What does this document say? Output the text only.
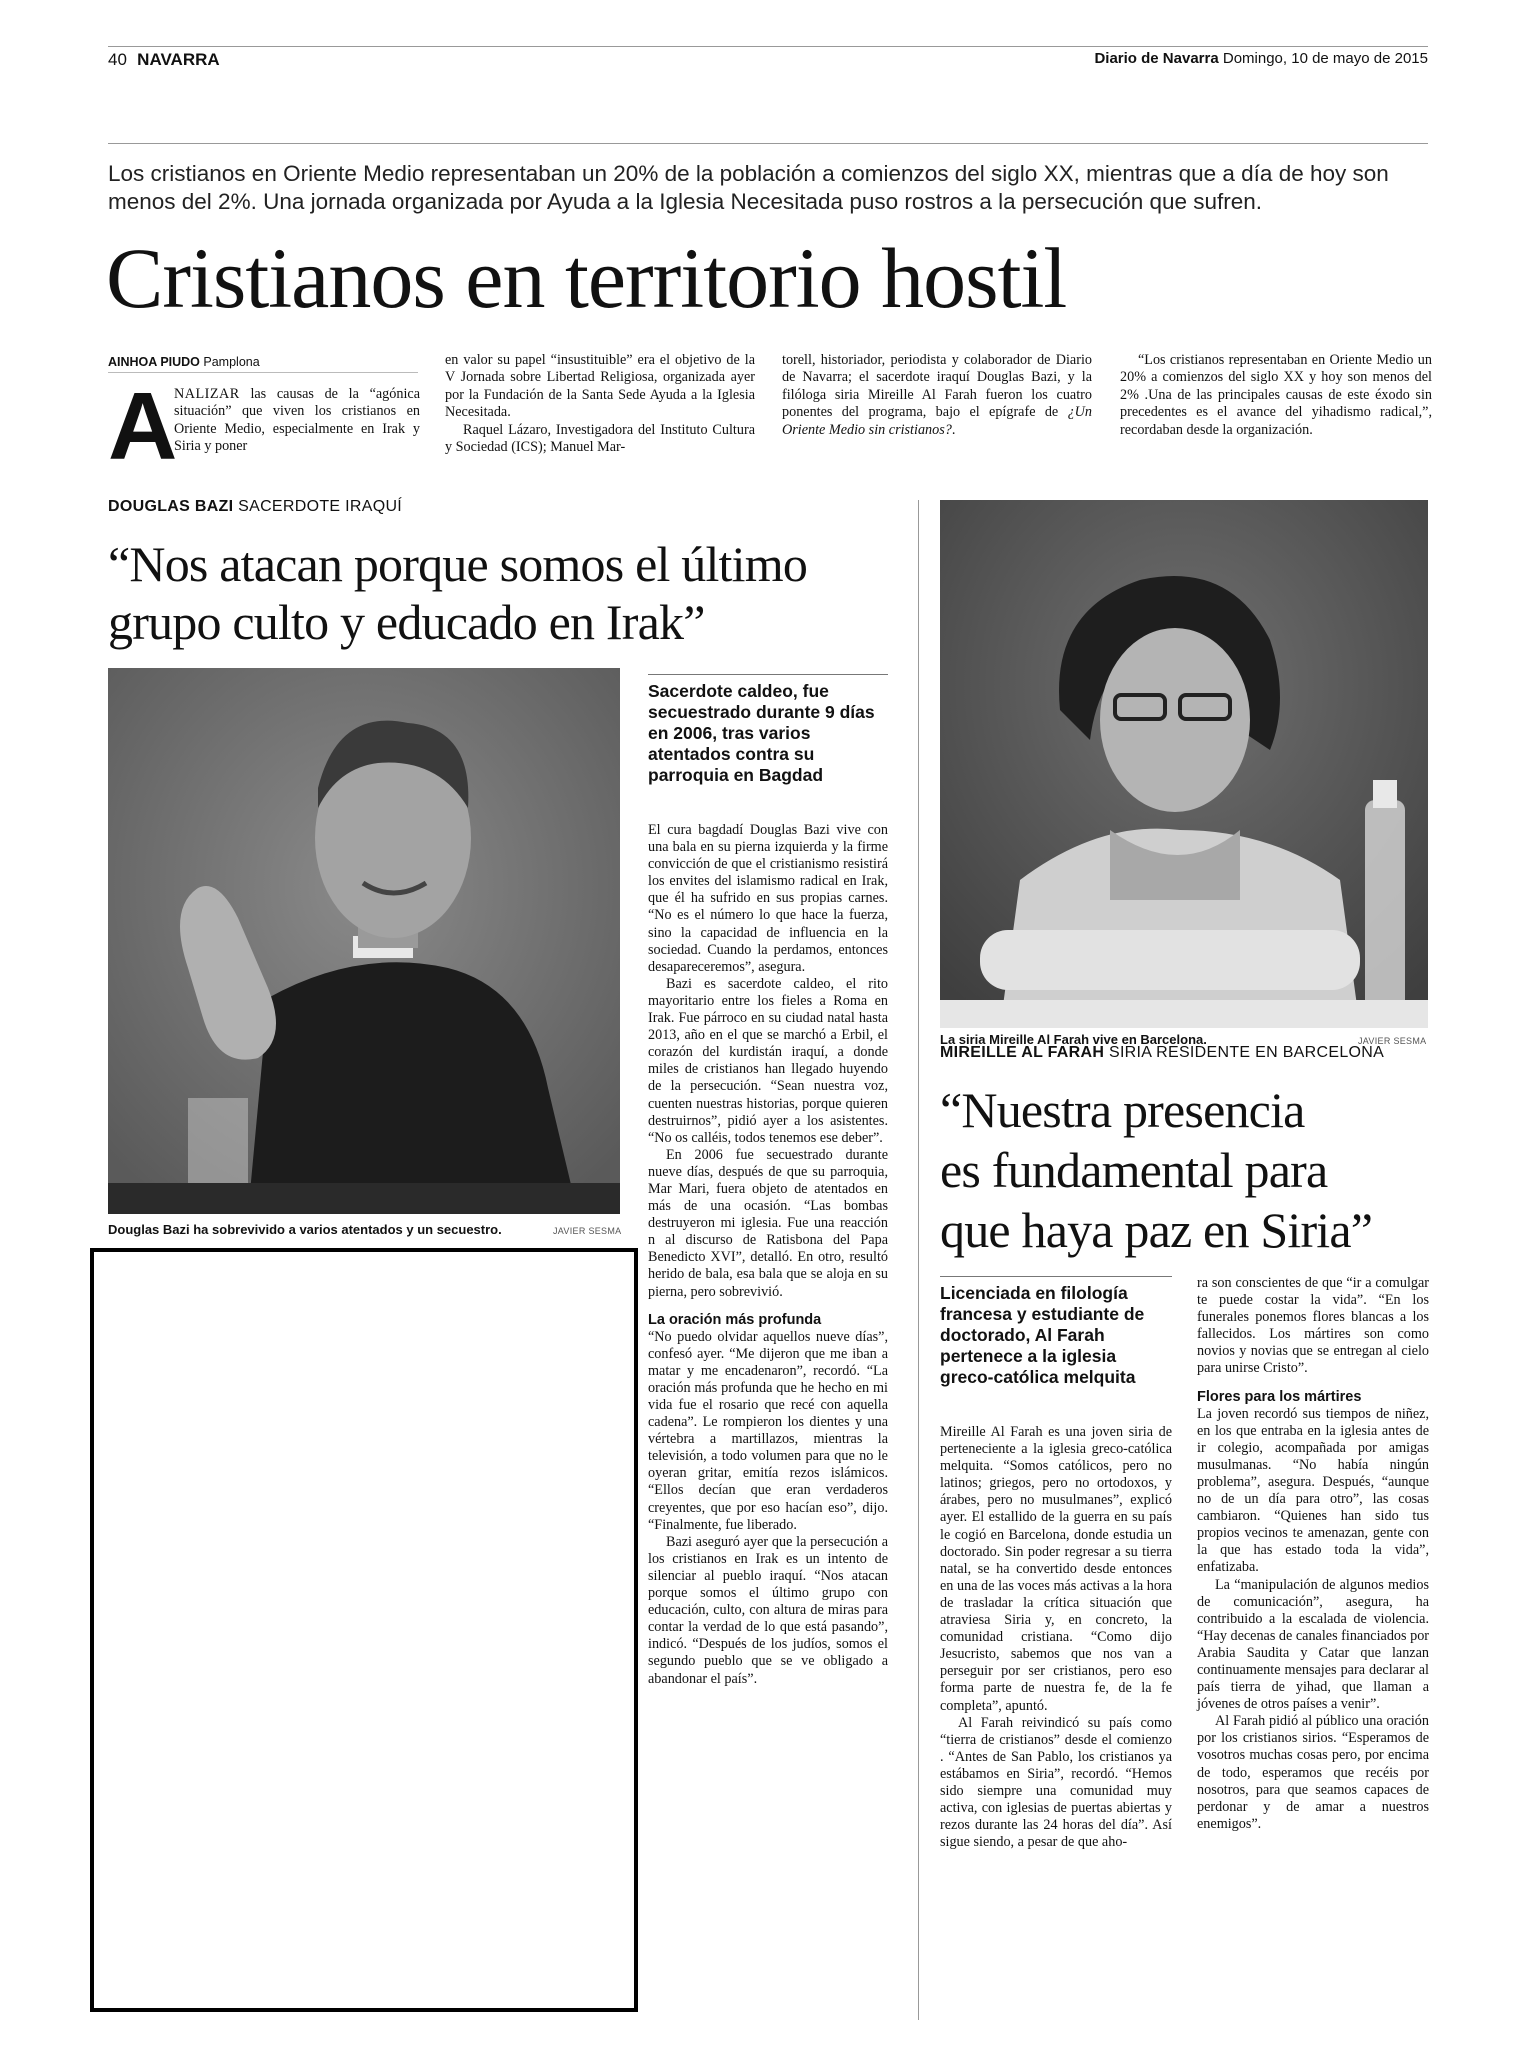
40 NAVARRA	Diario de Navarra Domingo, 10 de mayo de 2015
Los cristianos en Oriente Medio representaban un 20% de la población a comienzos del siglo XX, mientras que a día de hoy son menos del 2%. Una jornada organizada por Ayuda a la Iglesia Necesitada puso rostros a la persecución que sufren.
Cristianos en territorio hostil
AINHOA PIUDO Pamplona
A
NALIZAR las causas de la “agónica situación” que viven los cristianos en Oriente Medio, especialmente en Irak y Siria y poner

en valor su papel “insustituible” era el objetivo de la V Jornada sobre Libertad Religiosa, organizada ayer por la Fundación de la Santa Sede Ayuda a la Iglesia Necesitada.

Raquel Lázaro, Investigadora del Instituto Cultura y Sociedad (ICS); Manuel Mar-

torell, historiador, periodista y colaborador de Diario de Navarra; el sacerdote iraquí Douglas Bazi, y la filóloga siria Mireille Al Farah fueron los cuatro ponentes del programa, bajo el epígrafe de ¿Un Oriente Medio sin cristianos?.

“Los cristianos representaban en Oriente Medio un 20% a comienzos del siglo XX y hoy son menos del 2% .Una de las principales causas de este éxodo sin precedentes es el avance del yihadismo radical,”, recordaban desde la organización.

DOUGLAS BAZI SACERDOTE IRAQUÍ
“Nos atacan porque somos el último
grupo culto y educado en Irak”
Douglas Bazi ha sobrevivido a varios atentados y un secuestro.	JAVIER SESMA
Sacerdote caldeo, fue secuestrado durante 9 días en 2006, tras varios atentados contra su parroquia en Bagdad

El cura bagdadí Douglas Bazi vive con una bala en su pierna izquierda y la firme convicción de que el cristianismo resistirá los envites del islamismo radical en Irak, que él ha sufrido en sus propias carnes. “No es el número lo que hace la fuerza, sino la capacidad de influencia en la sociedad. Cuando la perdamos, entonces desapareceremos”, asegura.

Bazi es sacerdote caldeo, el rito mayoritario entre los fieles a Roma en Irak. Fue párroco en su ciudad natal hasta 2013, año en el que se marchó a Erbil, el corazón del kurdistán iraquí, a donde miles de cristianos han llegado huyendo de la persecución. “Sean nuestra voz, cuenten nuestras historias, porque quieren destruirnos”, pidió ayer a los asistentes. “No os calléis, todos tenemos ese deber”.

En 2006 fue secuestrado durante nueve días, después de que su parroquia, Mar Mari, fuera objeto de atentados en más de una ocasión. “Las bombas destruyeron mi iglesia. Fue una reacción n al discurso de Ratisbona del Papa Benedicto XVI”, detalló. En otro, resultó herido de bala, esa bala que se aloja en su pierna, pero sobrevivió.

La oración más profunda

“No puedo olvidar aquellos nueve días”, confesó ayer. “Me dijeron que me iban a matar y me encadenaron”, recordó. “La oración más profunda que he hecho en mi vida fue el rosario que recé con aquella cadena”. Le rompieron los dientes y una vértebra a martillazos, mientras la televisión, a todo volumen para que no le oyeran gritar, emitía rezos islámicos. “Ellos decían que eran verdaderos creyentes, que por eso hacían eso”, dijo. “Finalmente, fue liberado.

Bazi aseguró ayer que la persecución a los cristianos en Irak es un intento de silenciar al pueblo iraquí. “Nos atacan porque somos el último grupo con educación, culto, con altura de miras para contar la verdad de lo que está pasando”, indicó. “Después de los judíos, somos el segundo pueblo que se ve obligado a abandonar el país”.

La siria Mireille Al Farah vive en Barcelona.	JAVIER SESMA
MIREILLE AL FARAH SIRIA RESIDENTE EN BARCELONA
“Nuestra presencia
es fundamental para
que haya paz en Siria”
Licenciada en filología francesa y estudiante de doctorado, Al Farah pertenece a la iglesia greco-católica melquita

Mireille Al Farah es una joven siria de perteneciente a la iglesia greco-católica melquita. “Somos católicos, pero no latinos; griegos, pero no ortodoxos, y árabes, pero no musulmanes”, explicó ayer. El estallido de la guerra en su país le cogió en Barcelona, donde estudia un doctorado. Sin poder regresar a su tierra natal, se ha convertido desde entonces en una de las voces más activas a la hora de trasladar la crítica situación que atraviesa Siria y, en concreto, la comunidad cristiana. “Como dijo Jesucristo, sabemos que nos van a perseguir por ser cristianos, pero eso forma parte de nuestra fe, de la fe completa”, apuntó.

Al Farah reivindicó su país como “tierra de cristianos” desde el comienzo . “Antes de San Pablo, los cristianos ya estábamos en Siria”, recordó. “Hemos sido siempre una comunidad muy activa, con iglesias de puertas abiertas y rezos durante las 24 horas del día”. Así sigue siendo, a pesar de que aho-

ra son conscientes de que “ir a comulgar te puede costar la vida”. “En los funerales ponemos flores blancas a los fallecidos. Los mártires son como novios y novias que se entregan al cielo para unirse Cristo”.

Flores para los mártires

La joven recordó sus tiempos de niñez, en los que entraba en la iglesia antes de ir colegio, acompañada por amigas musulmanas. “No había ningún problema”, asegura. Después, “aunque no de un día para otro”, las cosas cambiaron. “Quienes han sido tus propios vecinos te amenazan, gente con la que has estado toda la vida”, enfatizaba.

La “manipulación de algunos medios de comunicación”, asegura, ha contribuido a la escalada de violencia. “Hay decenas de canales financiados por Arabia Saudita y Catar que lanzan continuamente mensajes para declarar al país tierra de yihad, que llaman a jóvenes de otros países a venir”.

Al Farah pidió al público una oración por los cristianos sirios. “Esperamos de vosotros muchas cosas pero, por encima de todo, esperamos que recéis por nosotros, para que seamos capaces de perdonar y de amar a nuestros enemigos”.
